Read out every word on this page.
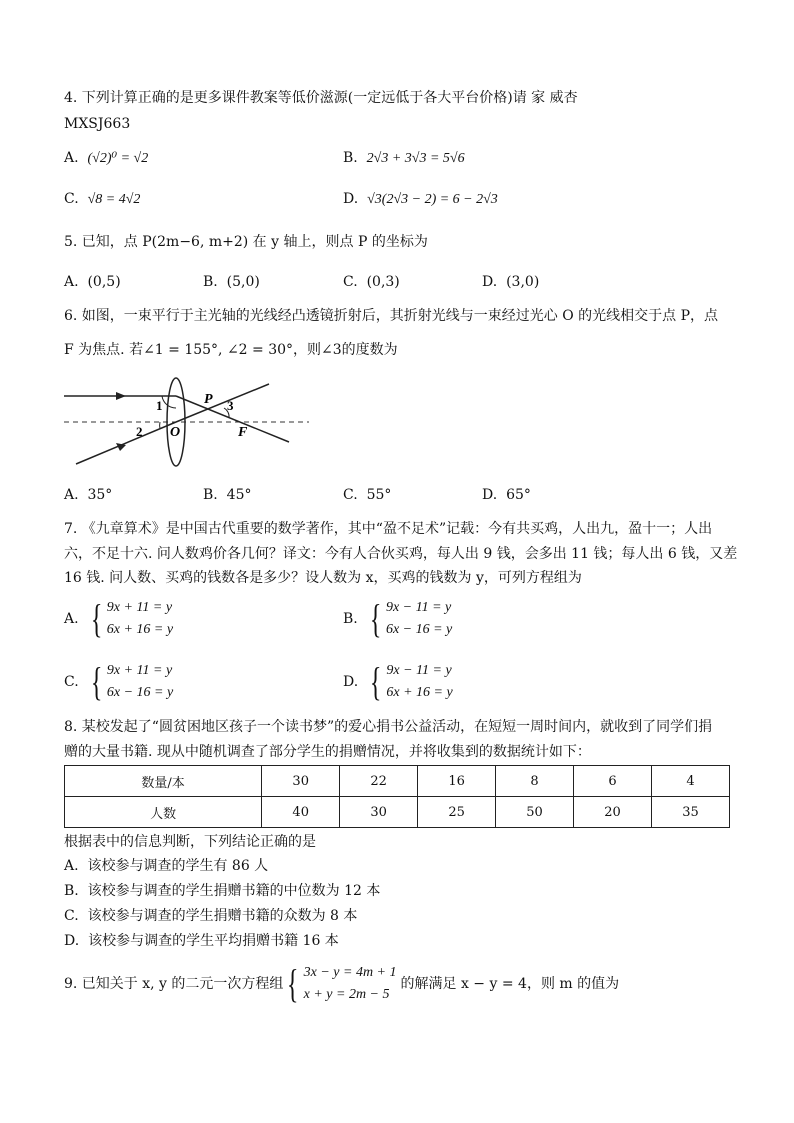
4. 下列计算正确的是更多课件教案等低价滋源(一定远低于各大平台价格)请 家 威杏
MXSJ663
A. (√2)⁰ = √2	B. 2√3 + 3√3 = 5√6
C. √8 = 4√2	D. √3(2√3 − 2) = 6 − 2√3
5. 已知，点 P(2m−6, m+2) 在 y 轴上，则点 P 的坐标为
A. (0,5)	B. (5,0)	C. (0,3)	D. (3,0)
6. 如图，一束平行于主光轴的光线经凸透镜折射后，其折射光线与一束经过光心 O 的光线相交于点 P，点
F 为焦点. 若∠1 = 155°, ∠2 = 30°，则∠3的度数为
1
2
3
P
O	F
A. 35°	B. 45°	C. 55°	D. 65°
7. 《九章算术》是中国古代重要的数学著作，其中“盈不足术”记载：今有共买鸡，人出九，盈十一；人出
六，不足十六. 问人数鸡价各几何？译文：今有人合伙买鸡，每人出 9 钱，会多出 11 钱；每人出 6 钱，又差
16 钱. 问人数、买鸡的钱数各是多少？设人数为 x，买鸡的钱数为 y，可列方程组为
A. { 9x + 11 = y
6x + 16 = y
B. { 9x − 11 = y
6x − 16 = y
C. { 9x + 11 = y
6x − 16 = y
D. { 9x − 11 = y
6x + 16 = y
8. 某校发起了“圆贫困地区孩子一个读书梦”的爱心捐书公益活动，在短短一周时间内，就收到了同学们捐
赠的大量书籍. 现从中随机调查了部分学生的捐赠情况，并将收集到的数据统计如下：
数量/本	30	22	16	8	6	4
人数	40	30	25	50	20	35
根据表中的信息判断，下列结论正确的是
A. 该校参与调查的学生有 86 人
B. 该校参与调查的学生捐赠书籍的中位数为 12 本
C. 该校参与调查的学生捐赠书籍的众数为 8 本
D. 该校参与调查的学生平均捐赠书籍 16 本
9. 已知关于 x, y 的二元一次方程组 { 3x − y = 4m + 1
x + y = 2m − 5
的解满足 x − y = 4，则 m 的值为
